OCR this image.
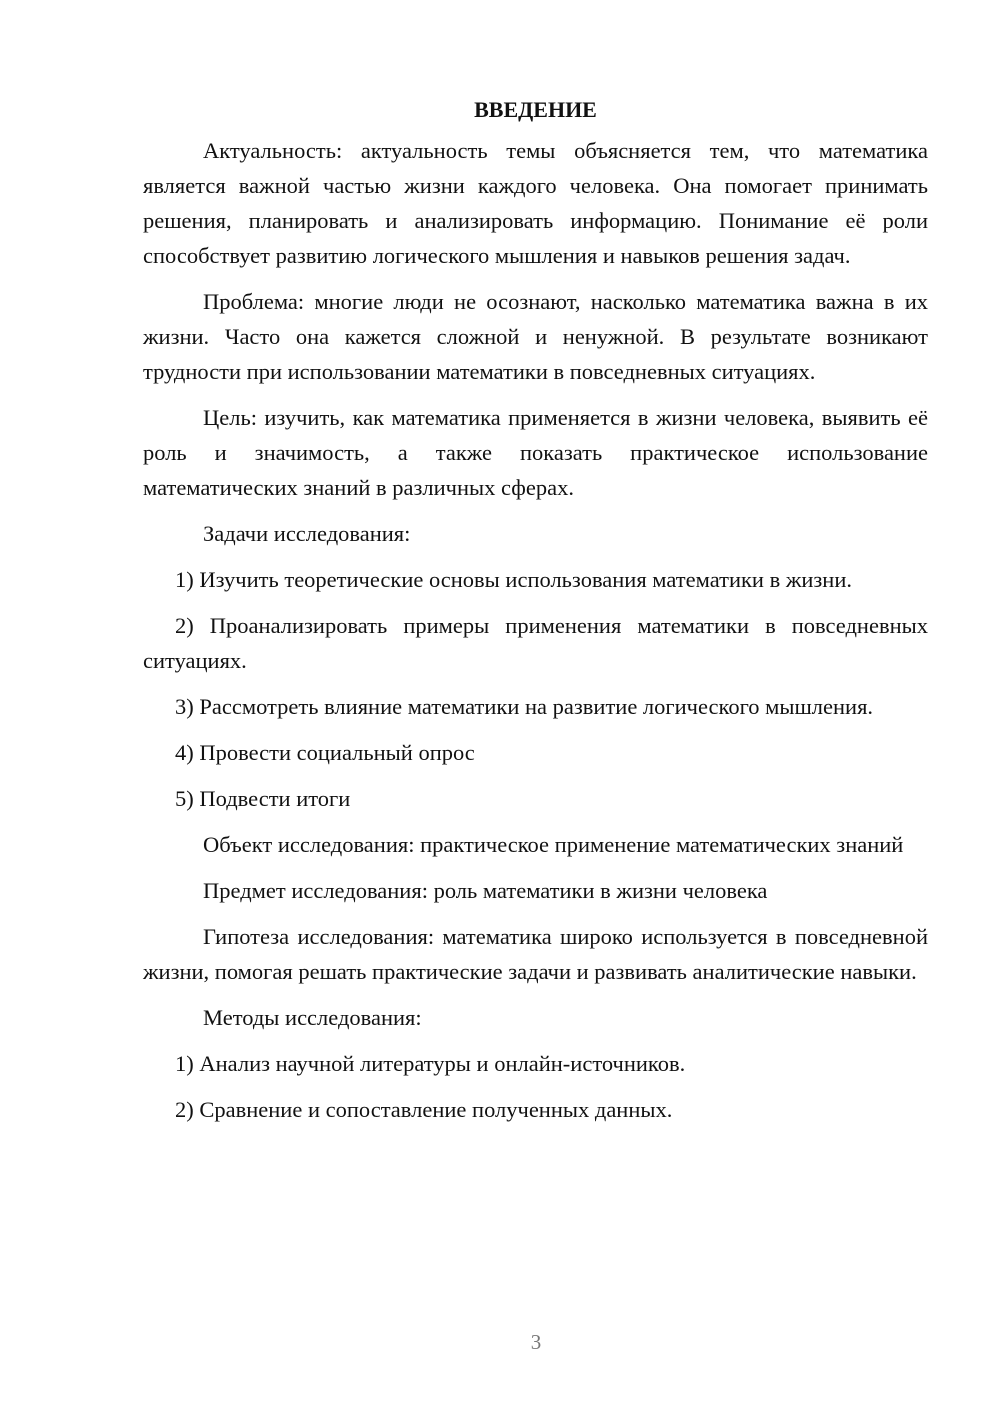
ВВЕДЕНИЕ

Актуальность: актуальность темы объясняется тем, что математика является важной частью жизни каждого человека. Она помогает принимать решения, планировать и анализировать информацию. Понимание её роли способствует развитию логического мышления и навыков решения задач.

Проблема: многие люди не осознают, насколько математика важна в их жизни. Часто она кажется сложной и ненужной. В результате возникают трудности при использовании математики в повседневных ситуациях.

Цель: изучить, как математика применяется в жизни человека, выявить её роль и значимость, а также показать практическое использование математических знаний в различных сферах.

Задачи исследования:

1) Изучить теоретические основы использования математики в жизни.

2) Проанализировать примеры применения математики в повседневных ситуациях.

3) Рассмотреть влияние математики на развитие логического мышления.

4) Провести социальный опрос

5) Подвести итоги

Объект исследования: практическое применение математических знаний

Предмет исследования: роль математики в жизни человека

Гипотеза исследования: математика широко используется в повседневной жизни, помогая решать практические задачи и развивать аналитические навыки.

Методы исследования:

1) Анализ научной литературы и онлайн-источников.

2) Сравнение и сопоставление полученных данных.

3
